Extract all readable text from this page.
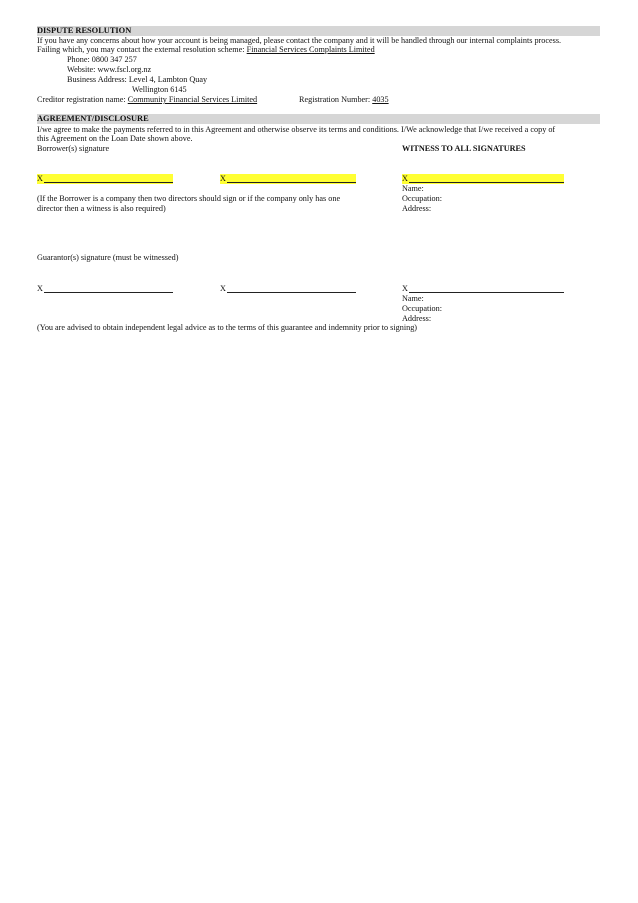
DISPUTE RESOLUTION
If you have any concerns about how your account is being managed, please contact the company and it will be handled through our internal complaints process.
Failing which, you may contact the external resolution scheme: Financial Services Complaints Limited
Phone: 0800 347 257
Website: www.fscl.org.nz
Business Address: Level 4, Lambton Quay
Wellington 6145
Creditor registration name: Community Financial Services Limited	Registration Number: 4035
AGREEMENT/DISCLOSURE
I/we agree to make the payments referred to in this Agreement and otherwise observe its terms and conditions. I/We acknowledge that I/we received a copy of
this Agreement on the Loan Date shown above.
Borrower(s) signature	WITNESS TO ALL SIGNATURES
X	X	X
Name:
(If the Borrower is a company then two directors should sign or if the company only has one	Occupation:
director then a witness is also required)	Address:
Guarantor(s) signature (must be witnessed)
X	X	X
Name:
Occupation:
Address:
(You are advised to obtain independent legal advice as to the terms of this guarantee and indemnity prior to signing)
